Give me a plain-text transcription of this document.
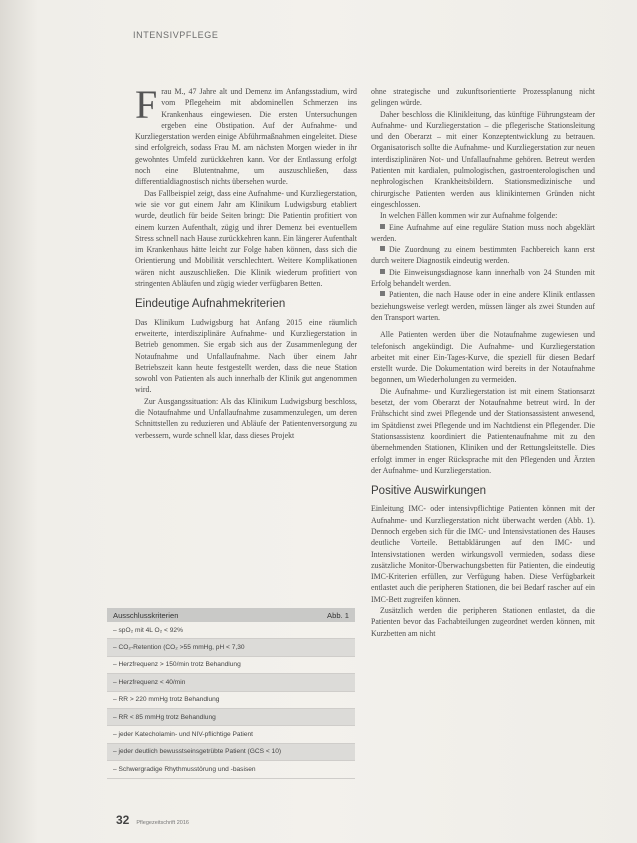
INTENSIVPFLEGE

Frau M., 47 Jahre alt und Demenz im Anfangsstadium, wird vom Pflegeheim mit abdominellen Schmerzen ins Krankenhaus eingewiesen. Die ersten Untersuchungen ergeben eine Obstipation. Auf der Aufnahme- und Kurzliegerstation werden einige Abführmaßnahmen eingeleitet. Diese sind erfolgreich, sodass Frau M. am nächsten Morgen wieder in ihr gewohntes Umfeld zurückkehren kann. Vor der Entlassung erfolgt noch eine Blutentnahme, um auszuschließen, dass differentialdiagnostisch nichts übersehen wurde.

Das Fallbeispiel zeigt, dass eine Aufnahme- und Kurzliegerstation, wie sie vor gut einem Jahr am Klinikum Ludwigsburg etabliert wurde, deutlich für beide Seiten bringt: Die Patientin profitiert von einem kurzen Aufenthalt, zügig und ihrer Demenz bei eventuellem Stress schnell nach Hause zurückkehren kann. Ein längerer Aufenthalt im Krankenhaus hätte leicht zur Folge haben können, dass sich die Orientierung und Mobilität verschlechtert. Weitere Komplikationen wären nicht auszuschließen. Die Klinik wiederum profitiert von stringenten Abläufen und zügig wieder verfügbaren Betten.

Eindeutige Aufnahmekriterien

Das Klinikum Ludwigsburg hat Anfang 2015 eine räumlich erweiterte, interdisziplinäre Aufnahme- und Kurzliegerstation in Betrieb genommen. Sie ergab sich aus der Zusammenlegung der Notaufnahme und Unfallaufnahme. Nach über einem Jahr Betriebszeit kann heute festgestellt werden, dass die neue Station sowohl von Patienten als auch innerhalb der Klinik gut angenommen wird.

Zur Ausgangssituation: Als das Klinikum Ludwigsburg beschloss, die Notaufnahme und Unfallaufnahme zusammenzulegen, um deren Schnittstellen zu reduzieren und Abläufe der Patientenversorgung zu verbessern, wurde schnell klar, dass dieses Projekt

ohne strategische und zukunftsorientierte Prozessplanung nicht gelingen würde.

Daher beschloss die Klinikleitung, das künftige Führungsteam der Aufnahme- und Kurzliegerstation – die pflegerische Stationsleitung und den Oberarzt – mit einer Konzeptentwicklung zu betrauen. Organisatorisch sollte die Aufnahme- und Kurzliegerstation zur neuen interdisziplinären Not- und Unfallaufnahme gehören. Betreut werden Patienten mit kardialen, pulmologischen, gastroenterologischen und nephrologischen Krankheitsbildern. Stationsmedizinische und chirurgische Patienten werden aus klinikinternen Gründen nicht eingeschlossen.

In welchen Fällen kommen wir zur Aufnahme folgende:

Eine Aufnahme auf eine reguläre Station muss noch abgeklärt werden.

Die Zuordnung zu einem bestimmten Fachbereich kann erst durch weitere Diagnostik eindeutig werden.

Die Einweisungsdiagnose kann innerhalb von 24 Stunden mit Erfolg behandelt werden.

Patienten, die nach Hause oder in eine andere Klinik entlassen beziehungsweise verlegt werden, müssen länger als zwei Stunden auf den Transport warten.

Alle Patienten werden über die Notaufnahme zugewiesen und telefonisch angekündigt. Die Aufnahme- und Kurzliegerstation arbeitet mit einer Ein-Tages-Kurve, die speziell für diesen Bedarf erstellt wurde. Die Dokumentation wird bereits in der Notaufnahme begonnen, um Wiederholungen zu vermeiden.

Die Aufnahme- und Kurzliegerstation ist mit einem Stationsarzt besetzt, der vom Oberarzt der Notaufnahme betreut wird. In der Frühschicht sind zwei Pflegende und der Stationsassistent anwesend, im Spätdienst zwei Pflegende und im Nachtdienst ein Pflegender. Die Stationsassistenz koordiniert die Patientenaufnahme mit zu den übernehmenden Stationen, Kliniken und der Rettungsleitstelle. Dies erfolgt immer in enger Rücksprache mit den Pflegenden und Ärzten der Aufnahme- und Kurzliegerstation.

Positive Auswirkungen

Einleitung IMC- oder intensivpflichtige Patienten können mit der Aufnahme- und Kurzliegerstation nicht überwacht werden (Abb. 1). Dennoch ergeben sich für die IMC- und Intensivstationen des Hauses deutliche Vorteile. Bettabklärungen auf den IMC- und Intensivstationen werden wirkungsvoll vermieden, sodass diese zusätzliche Monitor-Überwachungsbetten für Patienten, die eindeutig IMC-Kriterien erfüllen, zur Verfügung haben. Diese Verfügbarkeit entlastet auch die peripheren Stationen, die bei Bedarf rascher auf ein IMC-Bett zugreifen können.

Zusätzlich werden die peripheren Stationen entlastet, da die Patienten bevor das Fachabteilungen zugeordnet werden können, mit Kurzbetten am nicht

Ausschlusskriterien	Abb. 1
– spO₂ mit 4L O₂ < 92%
– CO₂-Retention (CO₂ >55 mmHg, pH < 7,30
– Herzfrequenz > 150/min trotz Behandlung
– Herzfrequenz < 40/min
– RR > 220 mmHg trotz Behandlung
– RR < 85 mmHg trotz Behandlung
– jeder Katecholamin- und NIV-pflichtige Patient
– jeder deutlich bewusstseinsgetrübte Patient (GCS < 10)
– Schwergradige Rhythmusstörung und -basisen
32 Pflegezeitschrift 2016
